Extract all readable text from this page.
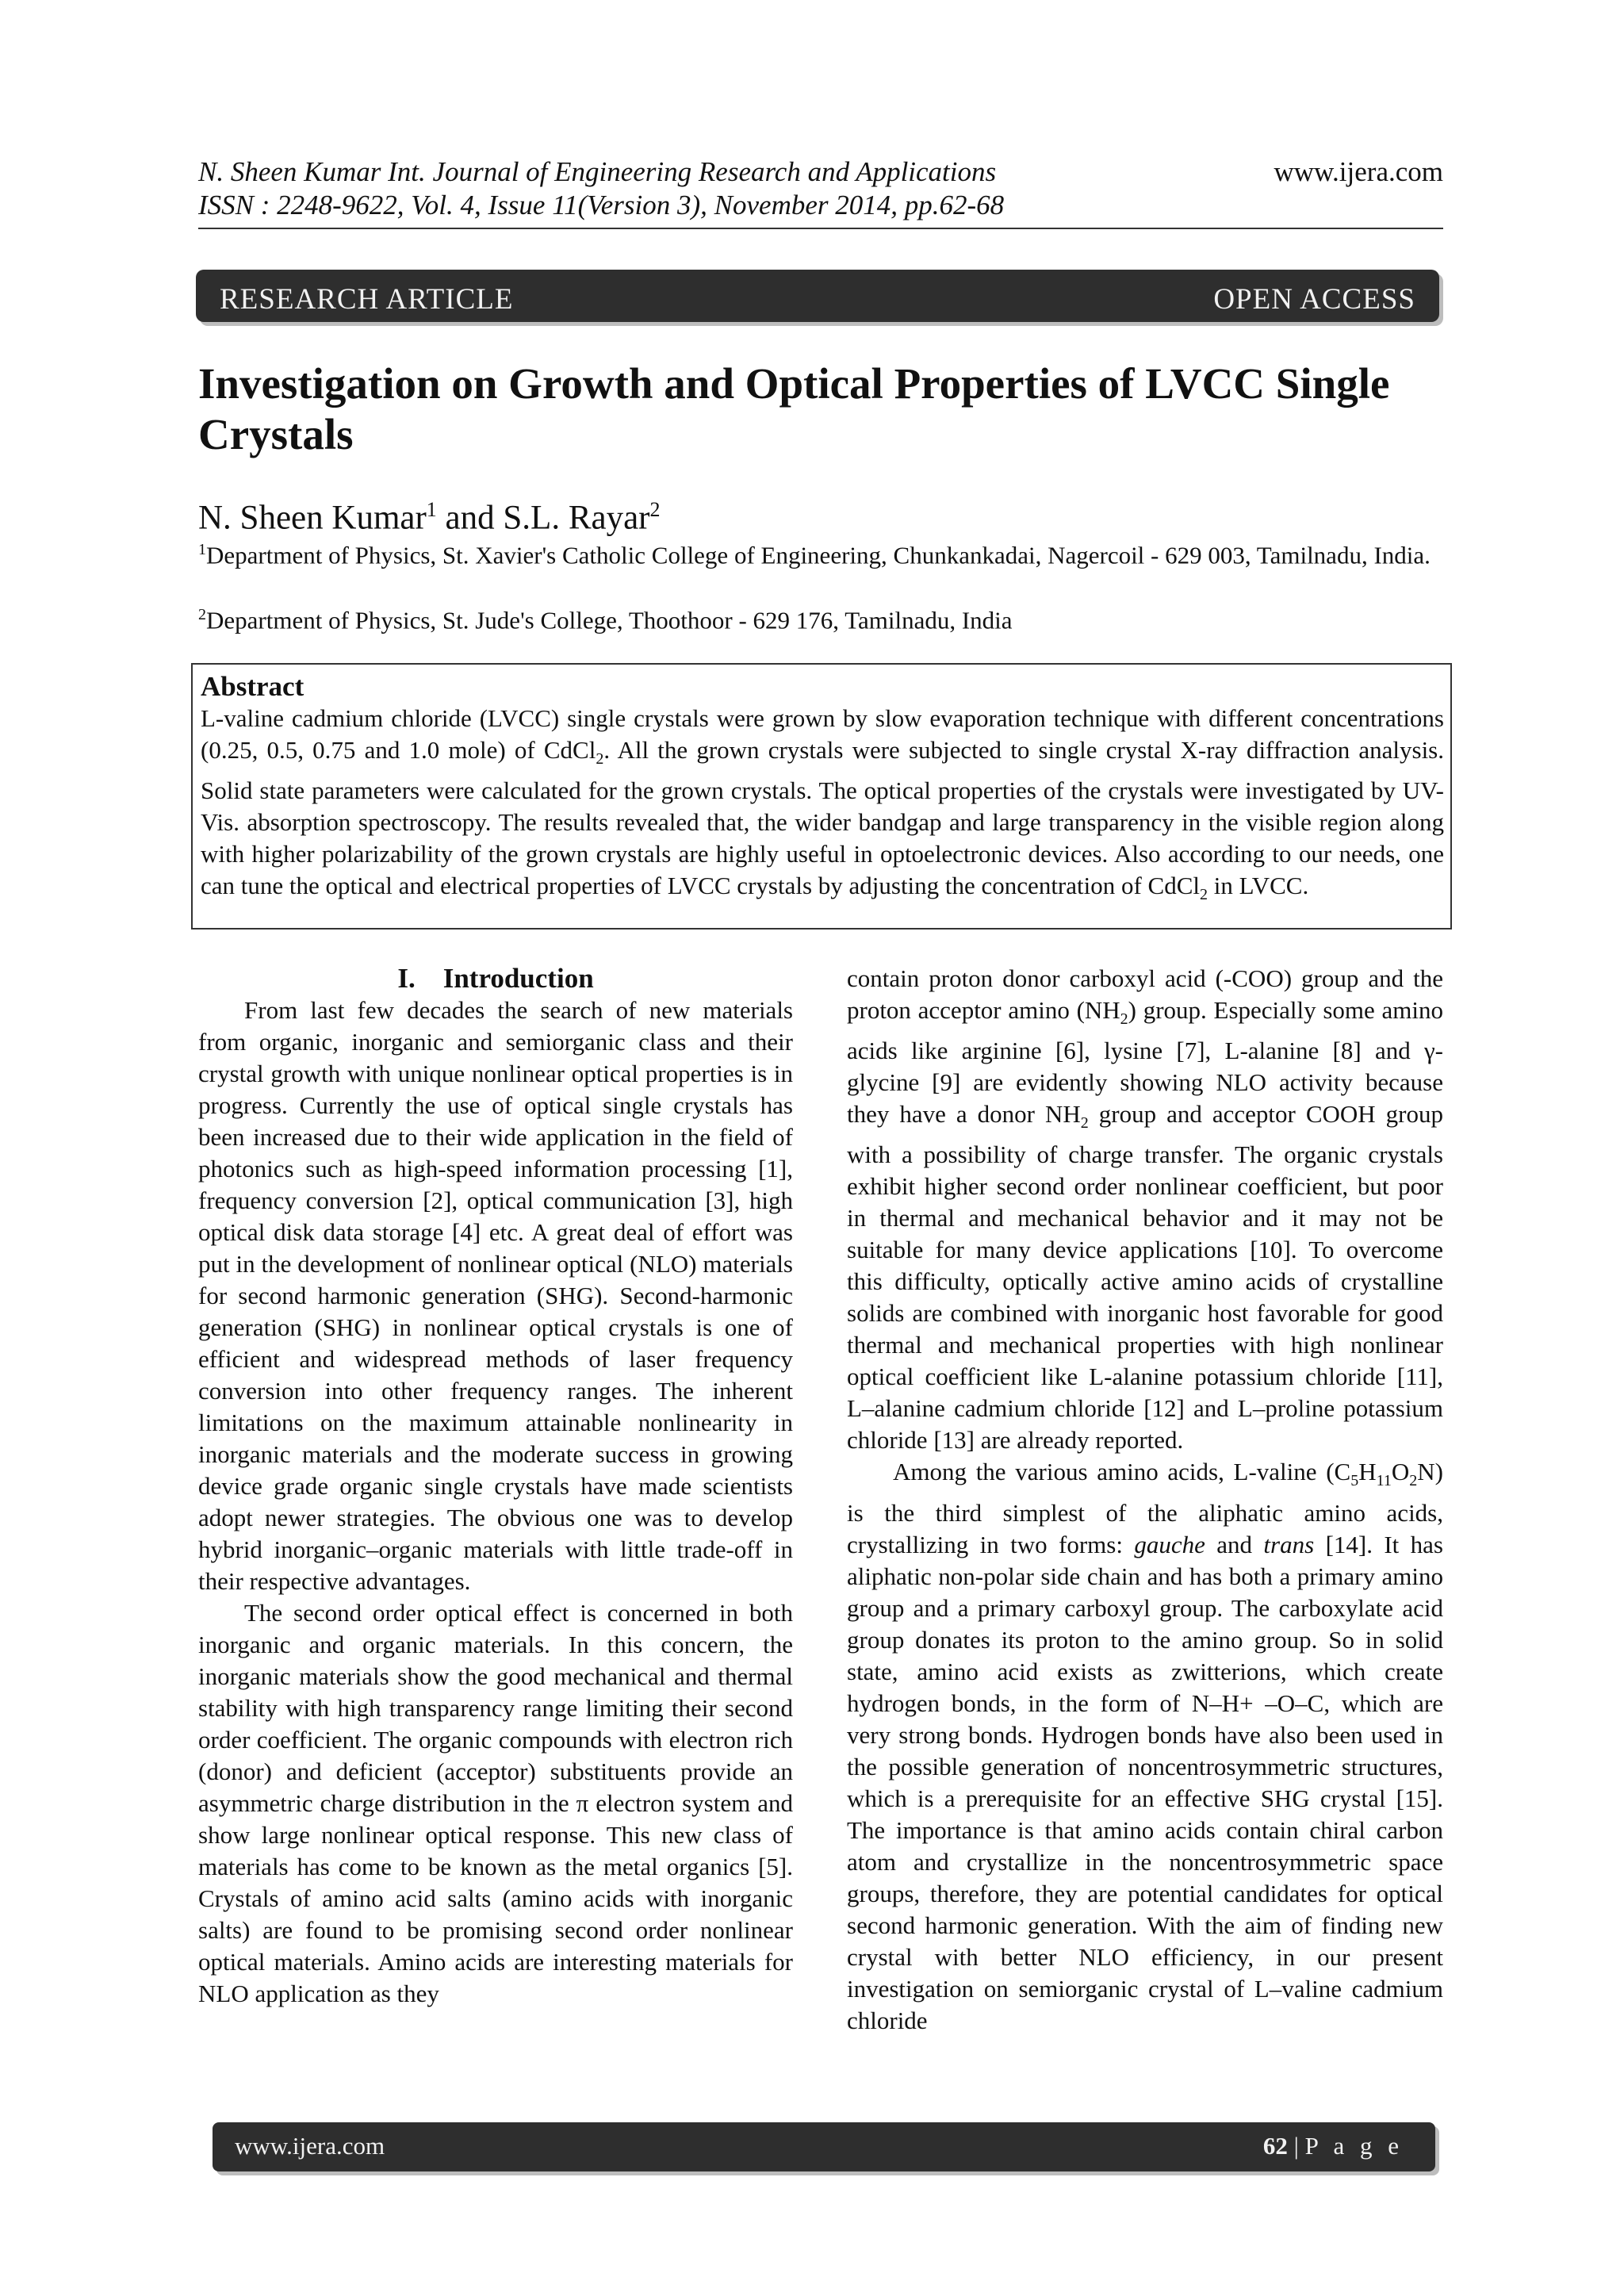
N. Sheen Kumar Int. Journal of Engineering Research and Applications
ISSN : 2248-9622, Vol. 4, Issue 11(Version 3), November 2014, pp.62-68
www.ijera.com
RESEARCH ARTICLE	OPEN ACCESS
Investigation on Growth and Optical Properties of LVCC Single Crystals
N. Sheen Kumar$^1$ and S.L. Rayar$^2$
$^1$Department of Physics, St. Xavier's Catholic College of Engineering, Chunkankadai, Nagercoil - 629 003, Tamilnadu, India.
$^2$Department of Physics, St. Jude's College, Thoothoor - 629 176, Tamilnadu, India
Abstract
L-valine cadmium chloride (LVCC) single crystals were grown by slow evaporation technique with different concentrations (0.25, 0.5, 0.75 and 1.0 mole) of CdCl$_2$. All the grown crystals were subjected to single crystal X-ray diffraction analysis. Solid state parameters were calculated for the grown crystals. The optical properties of the crystals were investigated by UV-Vis. absorption spectroscopy. The results revealed that, the wider bandgap and large transparency in the visible region along with higher polarizability of the grown crystals are highly useful in optoelectronic devices. Also according to our needs, one can tune the optical and electrical properties of LVCC crystals by adjusting the concentration of CdCl$_2$ in LVCC.
I. Introduction

From last few decades the search of new materials from organic, inorganic and semiorganic class and their crystal growth with unique nonlinear optical properties is in progress. Currently the use of optical single crystals has been increased due to their wide application in the field of photonics such as high-speed information processing [1], frequency conversion [2], optical communication [3], high optical disk data storage [4] etc. A great deal of effort was put in the development of nonlinear optical (NLO) materials for second harmonic generation (SHG). Second-harmonic generation (SHG) in nonlinear optical crystals is one of efficient and widespread methods of laser frequency conversion into other frequency ranges. The inherent limitations on the maximum attainable nonlinearity in inorganic materials and the moderate success in growing device grade organic single crystals have made scientists adopt newer strategies. The obvious one was to develop hybrid inorganic–organic materials with little trade-off in their respective advantages.

The second order optical effect is concerned in both inorganic and organic materials. In this concern, the inorganic materials show the good mechanical and thermal stability with high transparency range limiting their second order coefficient. The organic compounds with electron rich (donor) and deficient (acceptor) substituents provide an asymmetric charge distribution in the π electron system and show large nonlinear optical response. This new class of materials has come to be known as the metal organics [5]. Crystals of amino acid salts (amino acids with inorganic salts) are found to be promising second order nonlinear optical materials. Amino acids are interesting materials for NLO application as they

contain proton donor carboxyl acid (-COO) group and the proton acceptor amino $(NH_2)$ group. Especially some amino acids like arginine [6], lysine [7], L-alanine [8] and γ-glycine [9] are evidently showing NLO activity because they have a donor $NH_2$ group and acceptor COOH group with a possibility of charge transfer. The organic crystals exhibit higher second order nonlinear coefficient, but poor in thermal and mechanical behavior and it may not be suitable for many device applications [10]. To overcome this difficulty, optically active amino acids of crystalline solids are combined with inorganic host favorable for good thermal and mechanical properties with high nonlinear optical coefficient like L-alanine potassium chloride [11], L–alanine cadmium chloride [12] and L–proline potassium chloride [13] are already reported.

Among the various amino acids, L-valine $(C_5H_{11}O_2N)$ is the third simplest of the aliphatic amino acids, crystallizing in two forms: gauche and trans [14]. It has aliphatic non-polar side chain and has both a primary amino group and a primary carboxyl group. The carboxylate acid group donates its proton to the amino group. So in solid state, amino acid exists as zwitterions, which create hydrogen bonds, in the form of N–H+ –O–C, which are very strong bonds. Hydrogen bonds have also been used in the possible generation of noncentrosymmetric structures, which is a prerequisite for an effective SHG crystal [15]. The importance is that amino acids contain chiral carbon atom and crystallize in the noncentrosymmetric space groups, therefore, they are potential candidates for optical second harmonic generation. With the aim of finding new crystal with better NLO efficiency, in our present investigation on semiorganic crystal of L–valine cadmium chloride

www.ijera.com	62 | P a g e
